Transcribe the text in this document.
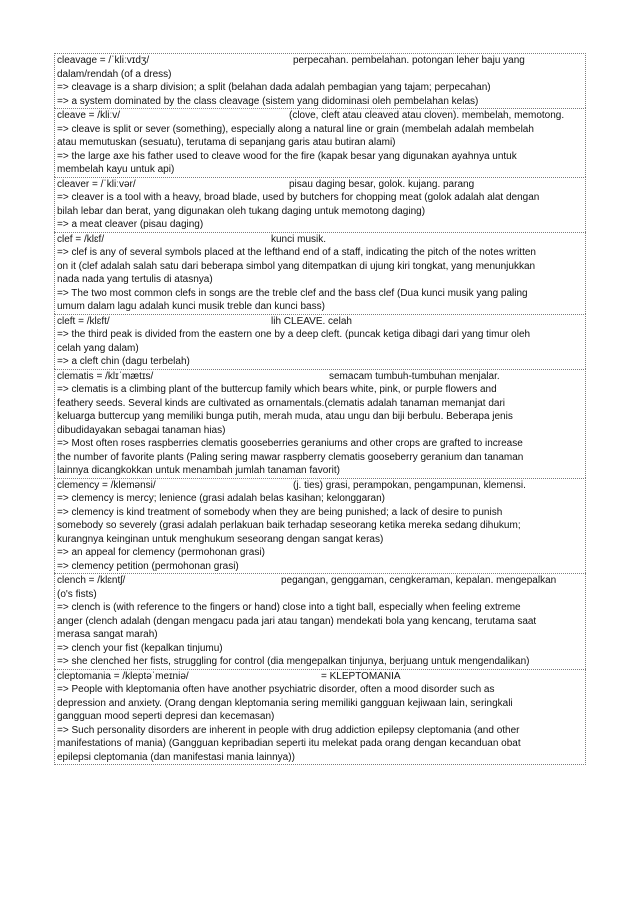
cleavage = /ˈkliːvɪdʒ/	perpecahan. pembelahan. potongan leher baju yang
dalam/rendah (of a dress)
=> cleavage is a sharp division; a split (belahan dada adalah pembagian yang tajam; perpecahan)
=> a system dominated by the class cleavage (sistem yang didominasi oleh pembelahan kelas)
cleave = /kliːv/	(clove, cleft atau cleaved atau cloven). membelah, memotong.
=> cleave is split or sever (something), especially along a natural line or grain (membelah adalah membelah
atau memutuskan (sesuatu), terutama di sepanjang garis atau butiran alami)
=> the large axe his father used to cleave wood for the fire (kapak besar yang digunakan ayahnya untuk
membelah kayu untuk api)
cleaver = /ˈkliːvər/	pisau daging besar, golok. kujang. parang
=> cleaver is a tool with a heavy, broad blade, used by butchers for chopping meat (golok adalah alat dengan
bilah lebar dan berat, yang digunakan oleh tukang daging untuk memotong daging)
=> a meat cleaver (pisau daging)
clef = /klɛf/	kunci musik.
=> clef is any of several symbols placed at the lefthand end of a staff, indicating the pitch of the notes written
on it (clef adalah salah satu dari beberapa simbol yang ditempatkan di ujung kiri tongkat, yang menunjukkan
nada nada yang tertulis di atasnya)
=> The two most common clefs in songs are the treble clef and the bass clef (Dua kunci musik yang paling
umum dalam lagu adalah kunci musik treble dan kunci bass)
cleft = /klɛft/	lih CLEAVE. celah
=> the third peak is divided from the eastern one by a deep cleft. (puncak ketiga dibagi dari yang timur oleh
celah yang dalam)
=> a cleft chin (dagu terbelah)
clematis = /klɪˈmætɪs/	semacam tumbuh-tumbuhan menjalar.
=> clematis is a climbing plant of the buttercup family which bears white, pink, or purple flowers and
feathery seeds. Several kinds are cultivated as ornamentals.(clematis adalah tanaman memanjat dari
keluarga buttercup yang memiliki bunga putih, merah muda, atau ungu dan biji berbulu. Beberapa jenis
dibudidayakan sebagai tanaman hias)
=> Most often roses raspberries clematis gooseberries geraniums and other crops are grafted to increase
the number of favorite plants (Paling sering mawar raspberry clematis gooseberry geranium dan tanaman
lainnya dicangkokkan untuk menambah jumlah tanaman favorit)
clemency = /klemənsi/	(j. ties) grasi, perampokan, pengampunan, klemensi.
=> clemency is mercy; lenience (grasi adalah belas kasihan; kelonggaran)
=> clemency is kind treatment of somebody when they are being punished; a lack of desire to punish
somebody so severely (grasi adalah perlakuan baik terhadap seseorang ketika mereka sedang dihukum;
kurangnya keinginan untuk menghukum seseorang dengan sangat keras)
=> an appeal for clemency (permohonan grasi)
=> clemency petition (permohonan grasi)
clench = /klɛntʃ/	pegangan, genggaman, cengkeraman, kepalan. mengepalkan
(o's fists)
=> clench is (with reference to the fingers or hand) close into a tight ball, especially when feeling extreme
anger (clench adalah (dengan mengacu pada jari atau tangan) mendekati bola yang kencang, terutama saat
merasa sangat marah)
=> clench your fist (kepalkan tinjumu)
=> she clenched her fists, struggling for control (dia mengepalkan tinjunya, berjuang untuk mengendalikan)
cleptomania = /kleptəˈmeɪniə/	= KLEPTOMANIA
=> People with kleptomania often have another psychiatric disorder, often a mood disorder such as
depression and anxiety. (Orang dengan kleptomania sering memiliki gangguan kejiwaan lain, seringkali
gangguan mood seperti depresi dan kecemasan)
=> Such personality disorders are inherent in people with drug addiction epilepsy cleptomania (and other
manifestations of mania) (Gangguan kepribadian seperti itu melekat pada orang dengan kecanduan obat
epilepsi cleptomania (dan manifestasi mania lainnya))
